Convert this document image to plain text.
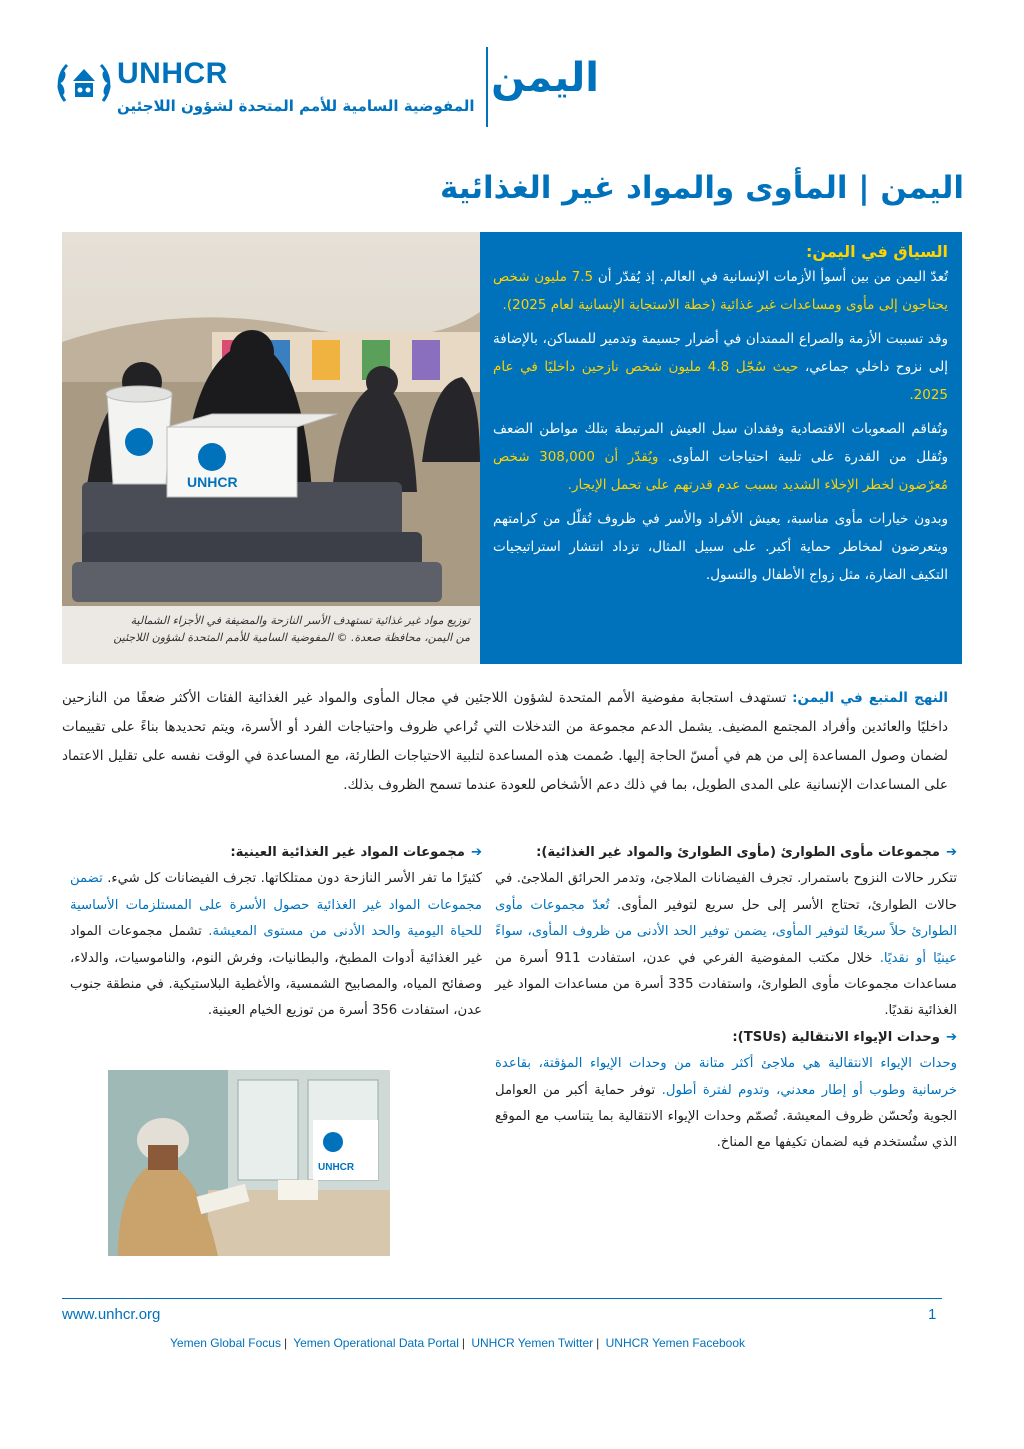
UNHCR
المفوضية السامية للأمم المتحدة لشؤون اللاجئين
اليمن
اليمن | المأوى والمواد غير الغذائية
UNHCR
توزيع مواد غير غذائية تستهدف الأسر النازحة والمضيفة في الأجزاء الشمالية
من اليمن، محافظة صعدة. © المفوضية السامية للأمم المتحدة لشؤون اللاجئين
السياق في اليمن:

تُعدّ اليمن من بين أسوأ الأزمات الإنسانية في العالم. إذ يُقدّر أن 7.5 مليون شخص يحتاجون إلى مأوى ومساعدات غير غذائية (خطة الاستجابة الإنسانية لعام 2025).

وقد تسببت الأزمة والصراع الممتدان في أضرار جسيمة وتدمير للمساكن، بالإضافة إلى نزوح داخلي جماعي، حيث سُجّل 4.8 مليون شخص نازحين داخليًا في عام 2025.

وتُفاقم الصعوبات الاقتصادية وفقدان سبل العيش المرتبطة بتلك مواطن الضعف وتُقلل من القدرة على تلبية احتياجات المأوى. ويُقدّر أن 308,000 شخص مُعرّضون لخطر الإخلاء الشديد بسبب عدم قدرتهم على تحمل الإيجار.

وبدون خيارات مأوى مناسبة، يعيش الأفراد والأسر في ظروف تُقلّل من كرامتهم ويتعرضون لمخاطر حماية أكبر. على سبيل المثال، تزداد انتشار استراتيجيات التكيف الضارة، مثل زواج الأطفال والتسول.

النهج المتبع في اليمن: تستهدف استجابة مفوضية الأمم المتحدة لشؤون اللاجئين في مجال المأوى والمواد غير الغذائية الفئات الأكثر ضعفًا من النازحين داخليًا والعائدين وأفراد المجتمع المضيف. يشمل الدعم مجموعة من التدخلات التي تُراعي ظروف واحتياجات الفرد أو الأسرة، ويتم تحديدها بناءً على تقييمات لضمان وصول المساعدة إلى من هم في أمسّ الحاجة إليها. صُممت هذه المساعدة لتلبية الاحتياجات الطارئة، مع المساعدة في الوقت نفسه على تقليل الاعتماد على المساعدات الإنسانية على المدى الطويل، بما في ذلك دعم الأشخاص للعودة عندما تسمح الظروف بذلك.

➔مجموعات مأوى الطوارئ (مأوى الطوارئ والمواد غير الغذائية):

تتكرر حالات النزوح باستمرار. تجرف الفيضانات الملاجئ، وتدمر الحرائق الملاجئ. في حالات الطوارئ، تحتاج الأسر إلى حل سريع لتوفير المأوى. تُعدّ مجموعات مأوى الطوارئ حلاً سريعًا لتوفير المأوى، يضمن توفير الحد الأدنى من ظروف المأوى، سواءً عينيًا أو نقديًا. خلال مكتب المفوضية الفرعي في عدن، استفادت 911 أسرة من مساعدات مجموعات مأوى الطوارئ، واستفادت 335 أسرة من مساعدات المواد غير الغذائية نقديًا.

➔وحدات الإيواء الانتقالية (TSUs):

وحدات الإيواء الانتقالية هي ملاجئ أكثر متانة من وحدات الإيواء المؤقتة، بقاعدة خرسانية وطوب أو إطار معدني، وتدوم لفترة أطول. توفر حماية أكبر من العوامل الجوية وتُحسّن ظروف المعيشة. تُصمّم وحدات الإيواء الانتقالية بما يتناسب مع الموقع الذي ستُستخدم فيه لضمان تكيفها مع المناخ.

➔مجموعات المواد غير الغذائية العينية:

كثيرًا ما تفر الأسر النازحة دون ممتلكاتها. تجرف الفيضانات كل شيء. تضمن مجموعات المواد غير الغذائية حصول الأسرة على المستلزمات الأساسية للحياة اليومية والحد الأدنى من مستوى المعيشة. تشمل مجموعات المواد غير الغذائية أدوات المطبخ، والبطانيات، وفرش النوم، والناموسيات، والدلاء، وصفائح المياه، والمصابيح الشمسية، والأغطية البلاستيكية. في منطقة جنوب عدن، استفادت 356 أسرة من توزيع الخيام العينية.

UNHCR
www.unhcr.org	1
Yemen Global Focus | Yemen Operational Data Portal | UNHCR Yemen Twitter | UNHCR Yemen Facebook
